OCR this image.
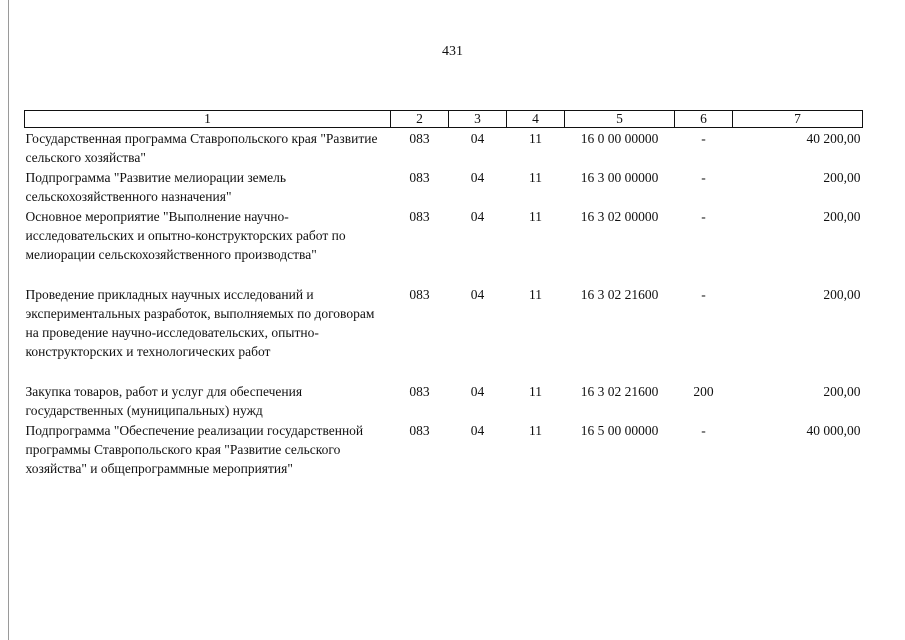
431
1	2	3	4	5	6	7
Государственная программа Ставропольского края "Развитие сельского хозяйства"	083	04	11	16 0 00 00000	-	40 200,00
Подпрограмма "Развитие мелиорации земель сельскохозяйственного назначения"	083	04	11	16 3 00 00000	-	200,00
Основное мероприятие "Выполнение научно-исследовательских и опытно-конструкторских работ по мелиорации сельскохозяйственного производства"	083	04	11	16 3 02 00000	-	200,00
Проведение прикладных научных исследований и экспериментальных разработок, выполняемых по договорам на проведение научно-исследовательских, опытно-конструкторских и технологических работ	083	04	11	16 3 02 21600	-	200,00
Закупка товаров, работ и услуг для обеспечения государственных (муниципальных) нужд	083	04	11	16 3 02 21600	200	200,00
Подпрограмма "Обеспечение реализации государственной программы Ставропольского края "Развитие сельского хозяйства" и общепрограммные мероприятия"	083	04	11	16 5 00 00000	-	40 000,00
